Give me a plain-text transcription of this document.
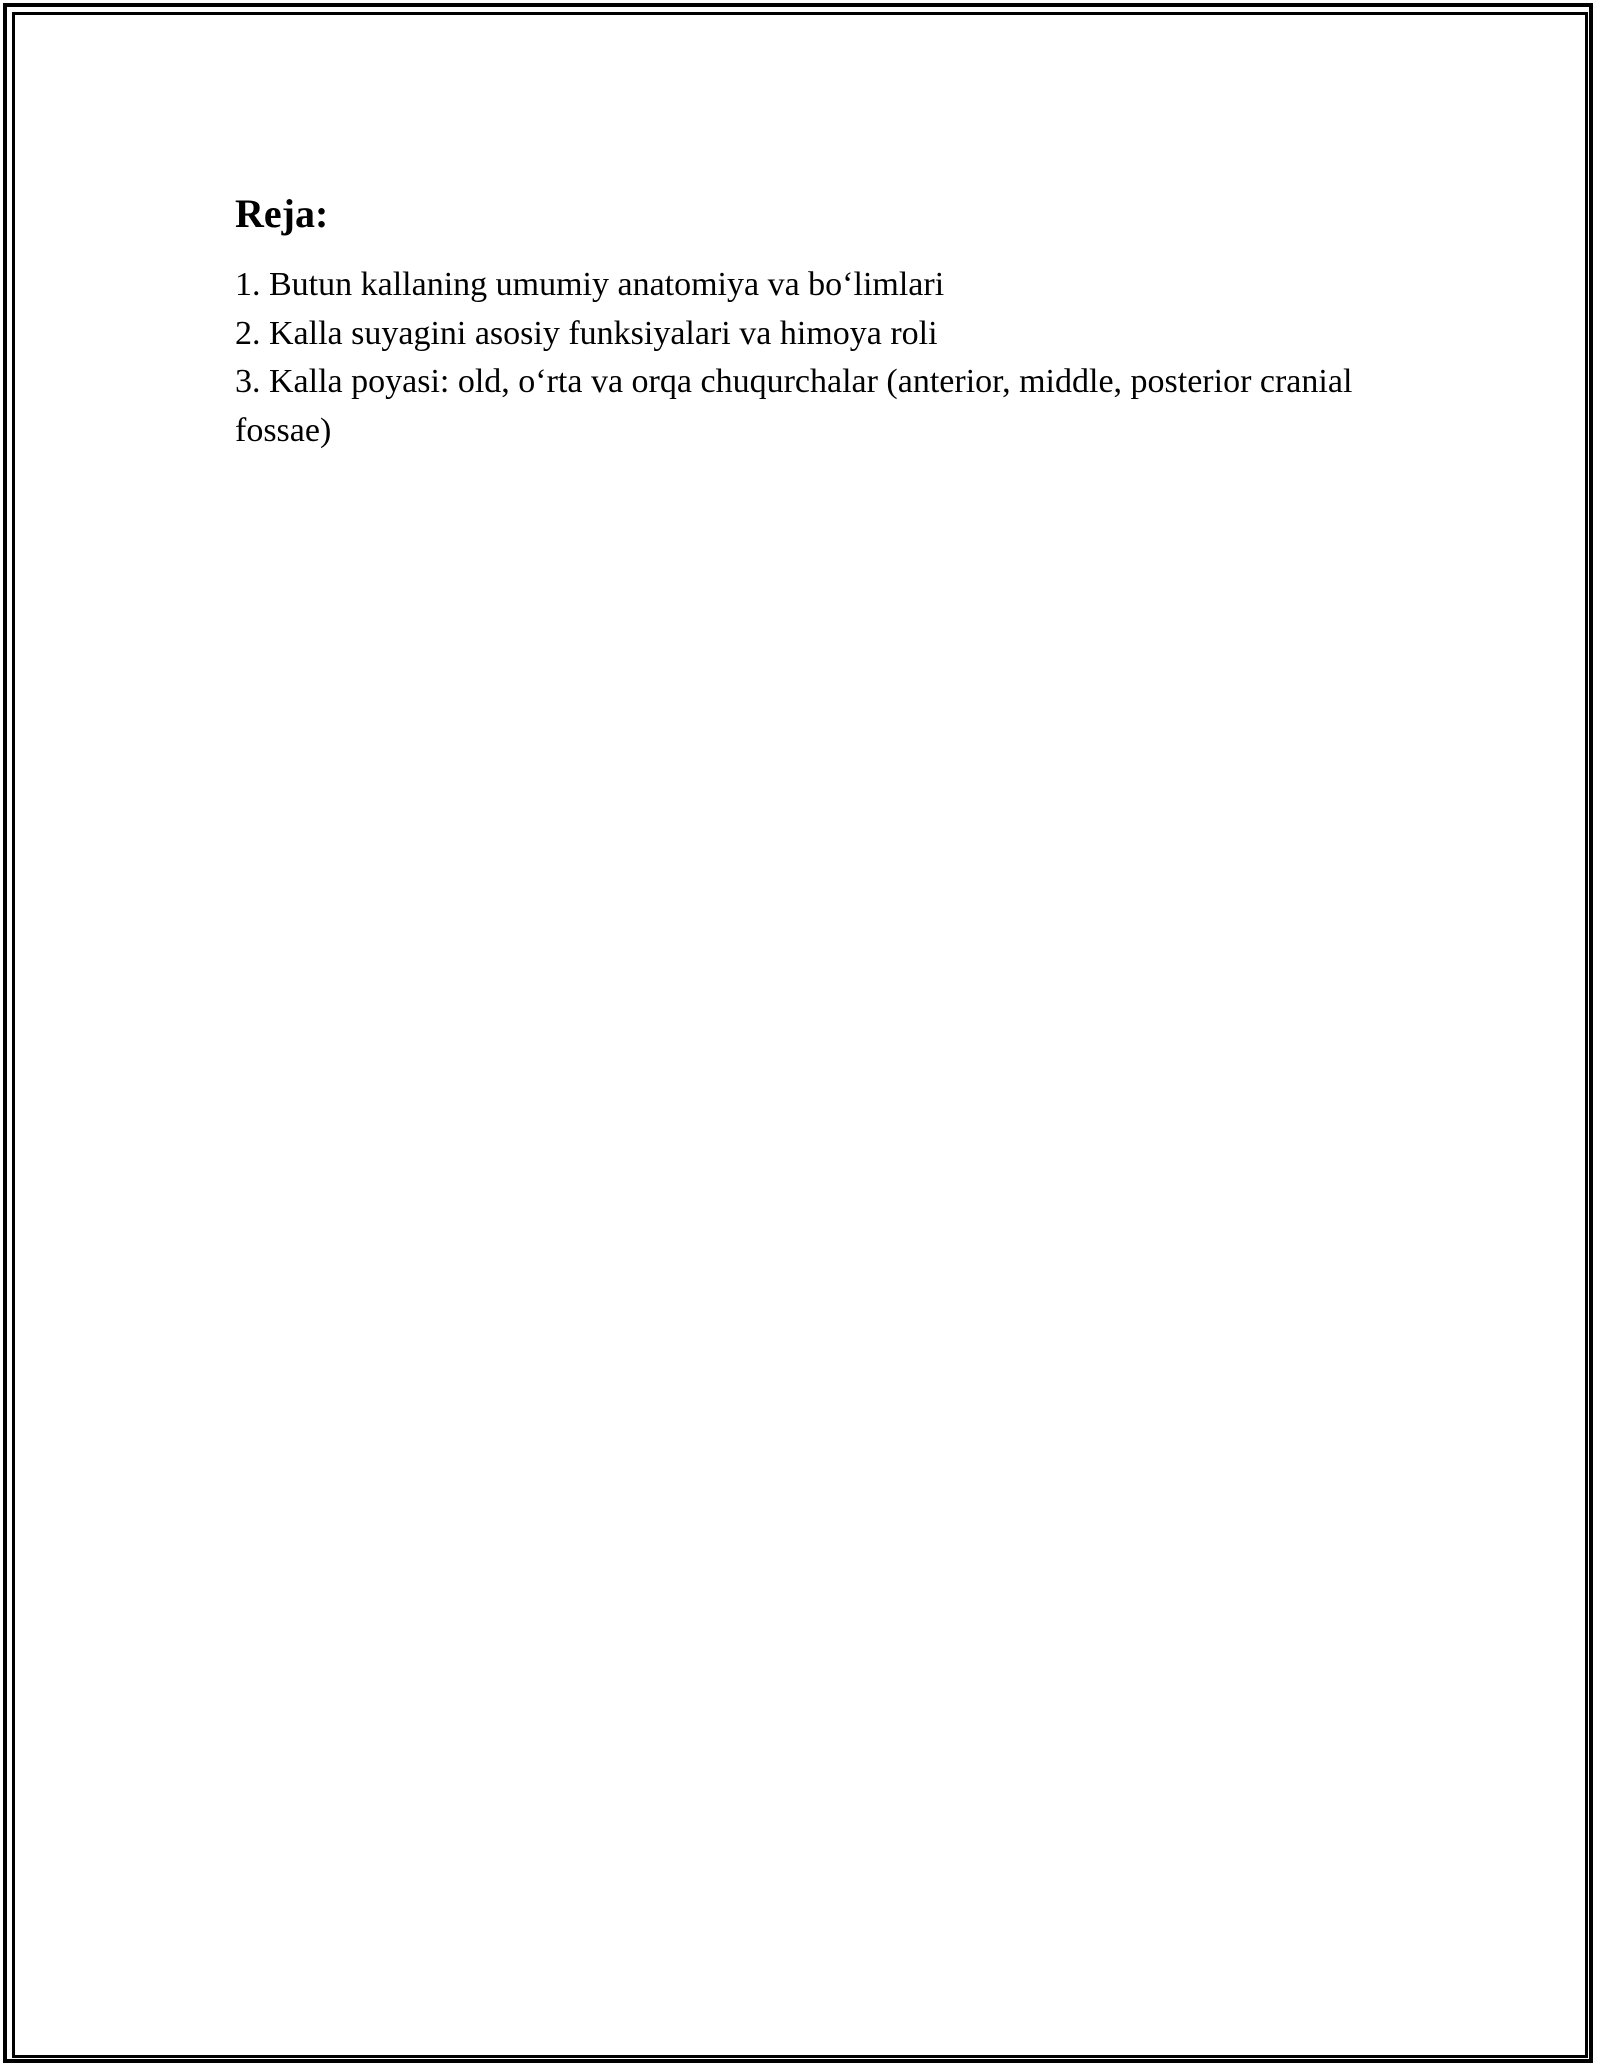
Reja:
1. Butun kallaning umumiy anatomiya va bo‘limlari
2. Kalla suyagini asosiy funksiyalari va himoya roli
3. Kalla poyasi: old, o‘rta va orqa chuqurchalar (anterior, middle, posterior cranial fossae)
